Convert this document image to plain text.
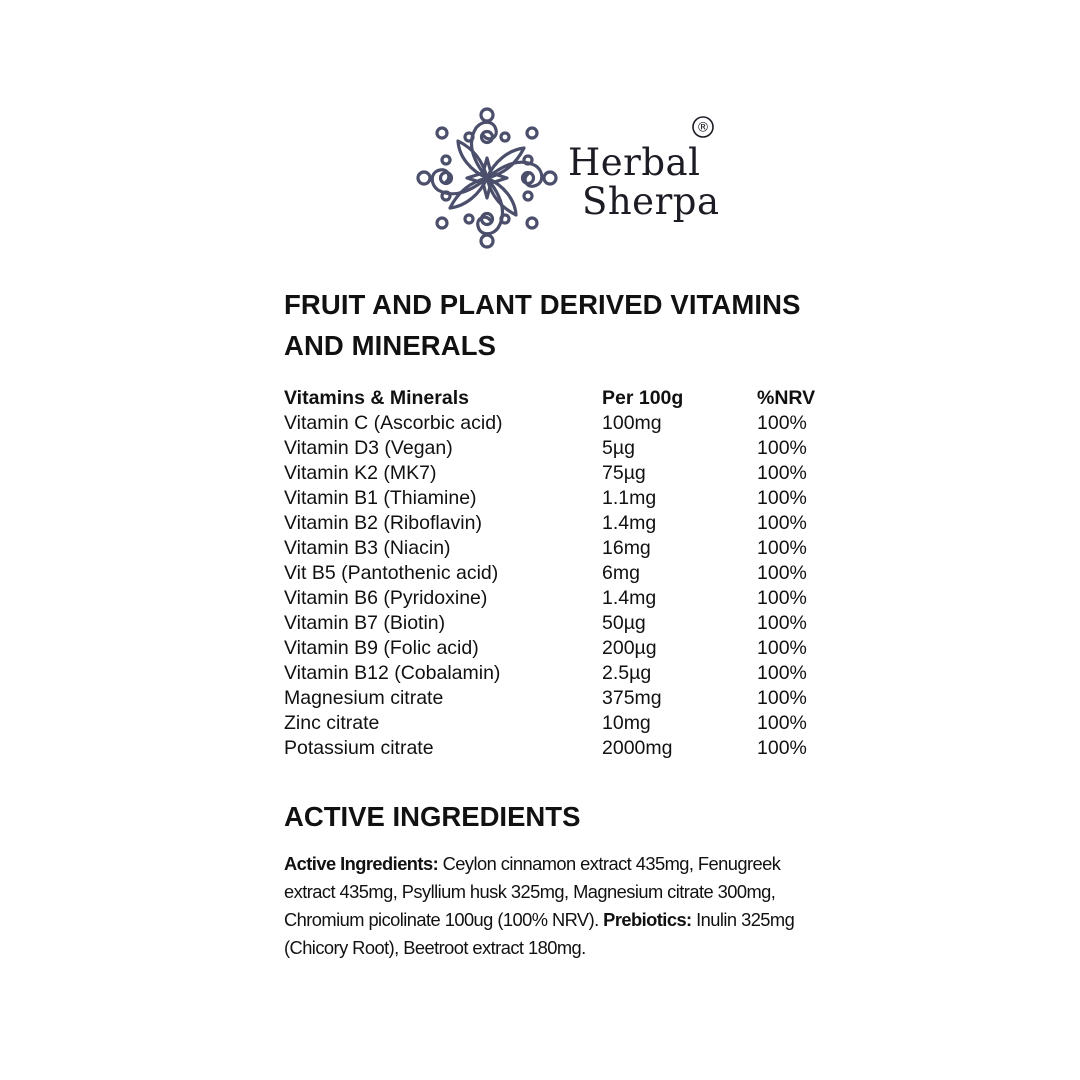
Herbal
Sherpa
®
FRUIT AND PLANT DERIVED VITAMINS AND MINERALS
Vitamins & Minerals	Per 100g	%NRV
Vitamin C (Ascorbic acid)	100mg	100%
Vitamin D3 (Vegan)	5µg	100%
Vitamin K2 (MK7)	75µg	100%
Vitamin B1 (Thiamine)	1.1mg	100%
Vitamin B2 (Riboflavin)	1.4mg	100%
Vitamin B3 (Niacin)	16mg	100%
Vit B5 (Pantothenic acid)	6mg	100%
Vitamin B6 (Pyridoxine)	1.4mg	100%
Vitamin B7 (Biotin)	50µg	100%
Vitamin B9 (Folic acid)	200µg	100%
Vitamin B12 (Cobalamin)	2.5µg	100%
Magnesium citrate	375mg	100%
Zinc citrate	10mg	100%
Potassium citrate	2000mg	100%
ACTIVE INGREDIENTS
Active Ingredients: Ceylon cinnamon extract 435mg, Fenugreek extract 435mg, Psyllium husk 325mg, Magnesium citrate 300mg, Chromium picolinate 100ug (100% NRV). Prebiotics: Inulin 325mg (Chicory Root), Beetroot extract 180mg.
